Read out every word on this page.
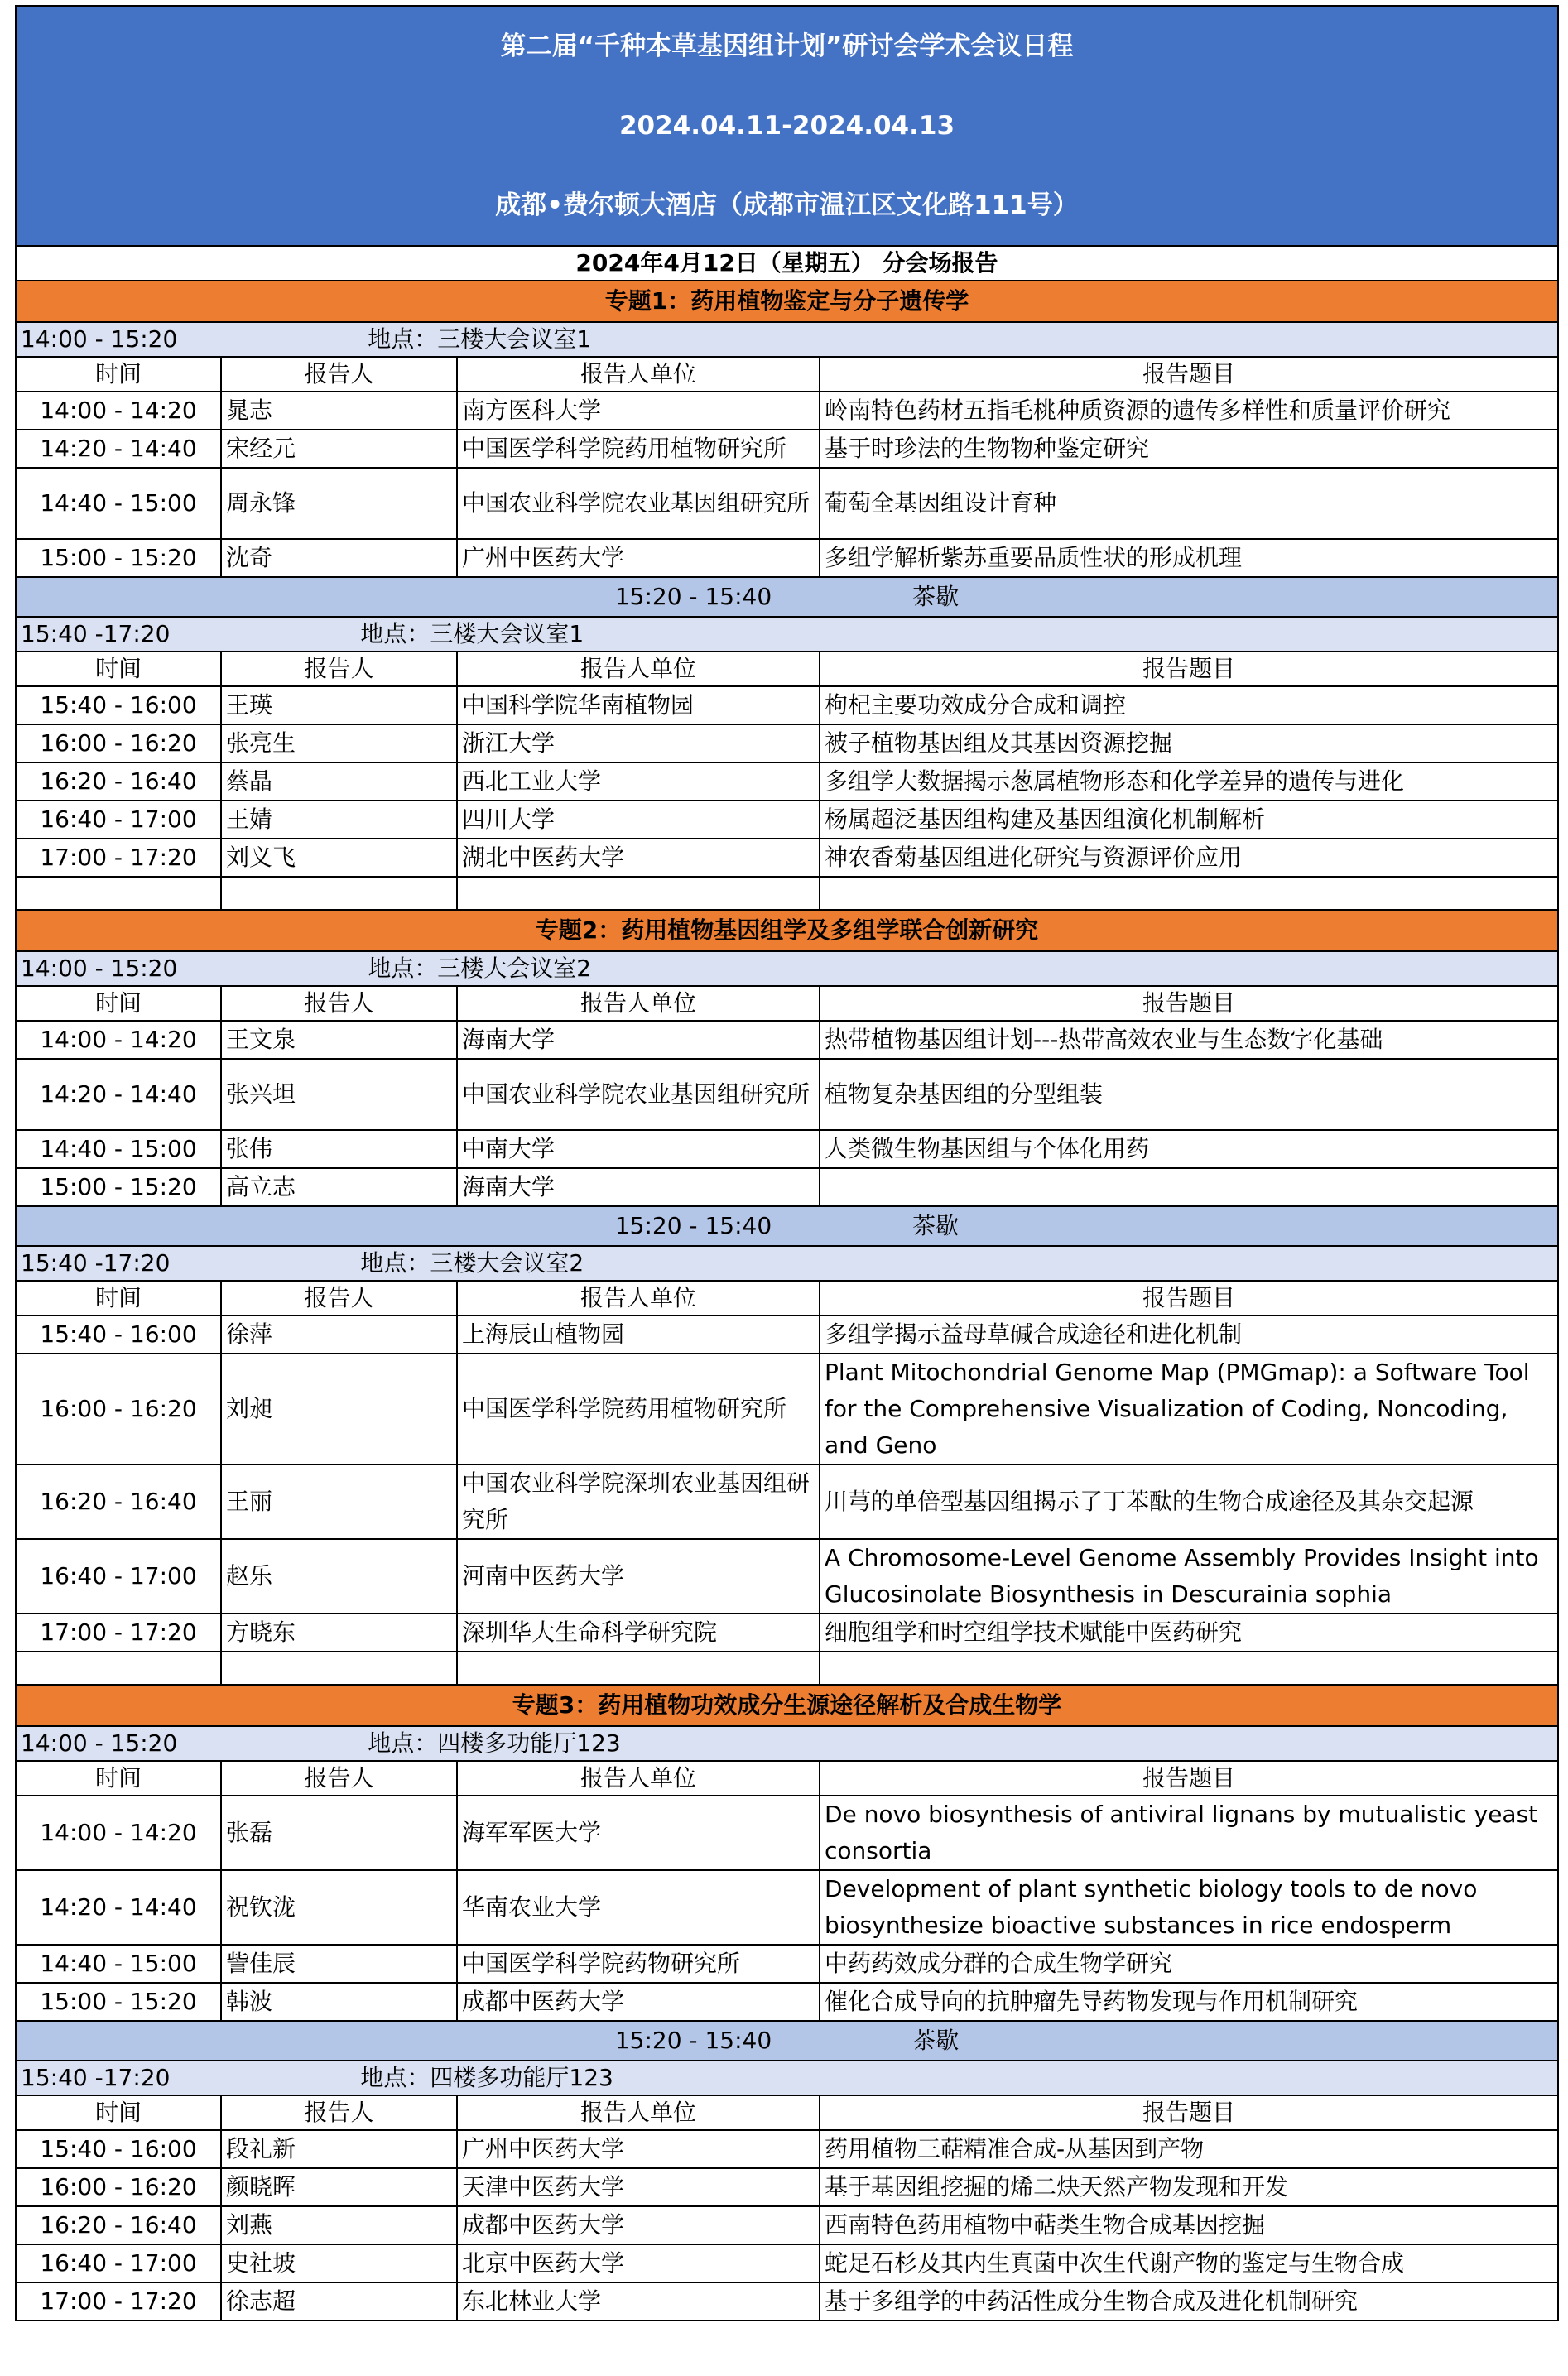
第二届“千种本草基因组计划”研讨会学术会议日程			
2024.04.11-2024.04.13			
成都•费尔顿大酒店（成都市温江区文化路111号）			
2024年4月12日（星期五） 分会场报告			
专题1：药用植物鉴定与分子遗传学			
14:00 - 15:20 地点：三楼大会议室1			
时间	报告人	报告人单位	报告题目
14:00 - 14:20	晁志	南方医科大学	岭南特色药材五指毛桃种质资源的遗传多样性和质量评价研究
14:20 - 14:40	宋经元	中国医学科学院药用植物研究所	基于时珍法的生物物种鉴定研究
14:40 - 15:00	周永锋	中国农业科学院农业基因组研究所	葡萄全基因组设计育种
15:00 - 15:20	沈奇	广州中医药大学	多组学解析紫苏重要品质性状的形成机理
15:20 - 15:40 茶歇			
15:40 -17:20 地点：三楼大会议室1			
时间	报告人	报告人单位	报告题目
15:40 - 16:00	王瑛	中国科学院华南植物园	枸杞主要功效成分合成和调控
16:00 - 16:20	张亮生	浙江大学	被子植物基因组及其基因资源挖掘
16:20 - 16:40	蔡晶	西北工业大学	多组学大数据揭示葱属植物形态和化学差异的遗传与进化
16:40 - 17:00	王婧	四川大学	杨属超泛基因组构建及基因组演化机制解析
17:00 - 17:20	刘义飞	湖北中医药大学	神农香菊基因组进化研究与资源评价应用

专题2：药用植物基因组学及多组学联合创新研究			
14:00 - 15:20 地点：三楼大会议室2			
时间	报告人	报告人单位	报告题目
14:00 - 14:20	王文泉	海南大学	热带植物基因组计划---热带高效农业与生态数字化基础
14:20 - 14:40	张兴坦	中国农业科学院农业基因组研究所	植物复杂基因组的分型组装
14:40 - 15:00	张伟	中南大学	人类微生物基因组与个体化用药
15:00 - 15:20	高立志	海南大学	
15:20 - 15:40 茶歇			
15:40 -17:20 地点：三楼大会议室2			
时间	报告人	报告人单位	报告题目
15:40 - 16:00	徐萍	上海辰山植物园	多组学揭示益母草碱合成途径和进化机制
16:00 - 16:20	刘昶	中国医学科学院药用植物研究所	Plant Mitochondrial Genome Map (PMGmap): a Software Tool for the Comprehensive Visualization of Coding, Noncoding, and Geno
16:20 - 16:40	王丽	中国农业科学院深圳农业基因组研究所	川芎的单倍型基因组揭示了丁苯酞的生物合成途径及其杂交起源
16:40 - 17:00	赵乐	河南中医药大学	A Chromosome-Level Genome Assembly Provides Insight into Glucosinolate Biosynthesis in Descurainia sophia
17:00 - 17:20	方晓东	深圳华大生命科学研究院	细胞组学和时空组学技术赋能中医药研究

专题3：药用植物功效成分生源途径解析及合成生物学			
14:00 - 15:20 地点：四楼多功能厅123			
时间	报告人	报告人单位	报告题目
14:00 - 14:20	张磊	海军军医大学	De novo biosynthesis of antiviral lignans by mutualistic yeast consortia
14:20 - 14:40	祝钦泷	华南农业大学	Development of plant synthetic biology tools to de novo biosynthesize bioactive substances in rice endosperm
14:40 - 15:00	訾佳辰	中国医学科学院药物研究所	中药药效成分群的合成生物学研究
15:00 - 15:20	韩波	成都中医药大学	催化合成导向的抗肿瘤先导药物发现与作用机制研究
15:20 - 15:40 茶歇			
15:40 -17:20 地点：四楼多功能厅123			
时间	报告人	报告人单位	报告题目
15:40 - 16:00	段礼新	广州中医药大学	药用植物三萜精准合成-从基因到产物
16:00 - 16:20	颜晓晖	天津中医药大学	基于基因组挖掘的烯二炔天然产物发现和开发
16:20 - 16:40	刘燕	成都中医药大学	西南特色药用植物中萜类生物合成基因挖掘
16:40 - 17:00	史社坡	北京中医药大学	蛇足石杉及其内生真菌中次生代谢产物的鉴定与生物合成
17:00 - 17:20	徐志超	东北林业大学	基于多组学的中药活性成分生物合成及进化机制研究
